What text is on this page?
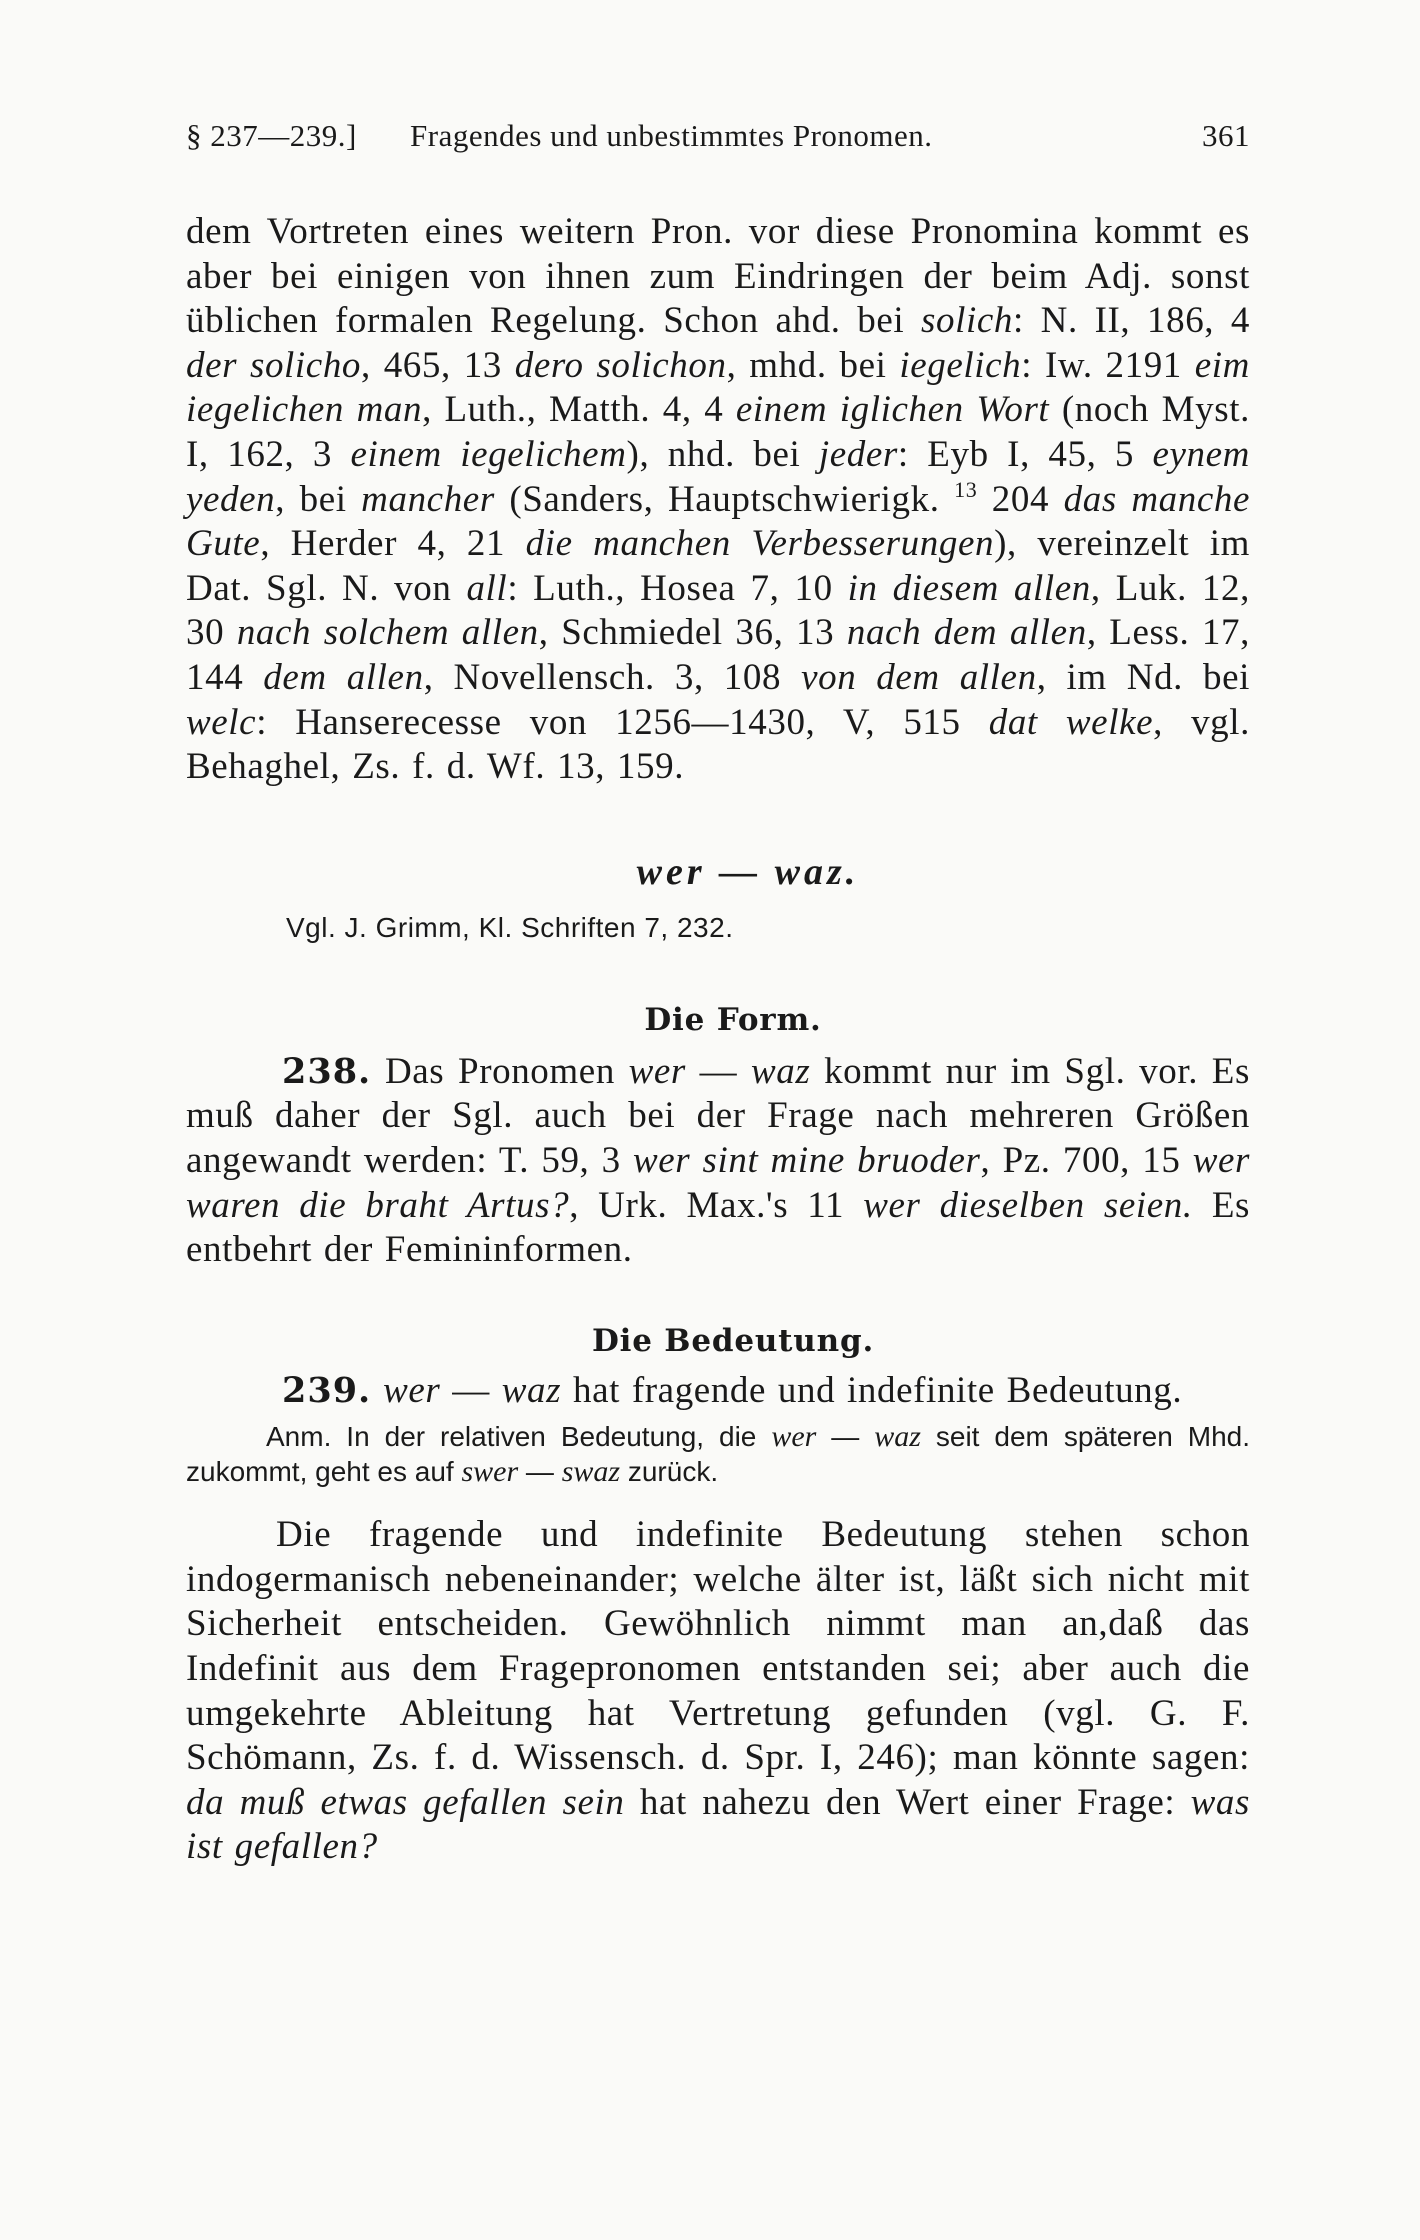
§ 237—239.] Fragendes und unbestimmtes Pronomen.	361

dem Vortreten eines weitern Pron. vor diese Pronomina kommt es aber bei einigen von ihnen zum Eindringen der beim Adj. sonst üblichen formalen Regelung. Schon ahd. bei solich: N. II, 186, 4 der solicho, 465, 13 dero solichon, mhd. bei iegelich: Iw. 2191 eim iegelichen man, Luth., Matth. 4, 4 einem iglichen Wort (noch Myst. I, 162, 3 einem iegelichem), nhd. bei jeder: Eyb I, 45, 5 eynem yeden, bei mancher (Sanders, Hauptschwierigk. $^{13}$ 204 das manche Gute, Herder 4, 21 die manchen Verbesserungen), vereinzelt im Dat. Sgl. N. von all: Luth., Hosea 7, 10 in diesem allen, Luk. 12, 30 nach solchem allen, Schmiedel 36, 13 nach dem allen, Less. 17, 144 dem allen, Novellensch. 3, 108 von dem allen, im Nd. bei welc: Hanserecesse von 1256—1430, V, 515 dat welke, vgl. Behaghel, Zs. f. d. Wf. 13, 159.

wer — waz.
Vgl. J. Grimm, Kl. Schriften 7, 232.
Die Form.

238. Das Pronomen wer — waz kommt nur im Sgl. vor. Es muß daher der Sgl. auch bei der Frage nach mehreren Größen angewandt werden: T. 59, 3 wer sint mine bruoder, Pz. 700, 15 wer waren die braht Artus?, Urk. Max.'s 11 wer dieselben seien. Es entbehrt der Femininformen.

Die Bedeutung.

239. wer — waz hat fragende und indefinite Bedeutung.

Anm. In der relativen Bedeutung, die wer — waz seit dem späteren Mhd. zukommt, geht es auf swer — swaz zurück.

Die fragende und indefinite Bedeutung stehen schon indogermanisch nebeneinander; welche älter ist, läßt sich nicht mit Sicherheit entscheiden. Gewöhnlich nimmt man an,daß das Indefinit aus dem Fragepronomen entstanden sei; aber auch die umgekehrte Ableitung hat Vertretung gefunden (vgl. G. F. Schömann, Zs. f. d. Wissensch. d. Spr. I, 246); man könnte sagen: da muß etwas gefallen sein hat nahezu den Wert einer Frage: was ist gefallen?
